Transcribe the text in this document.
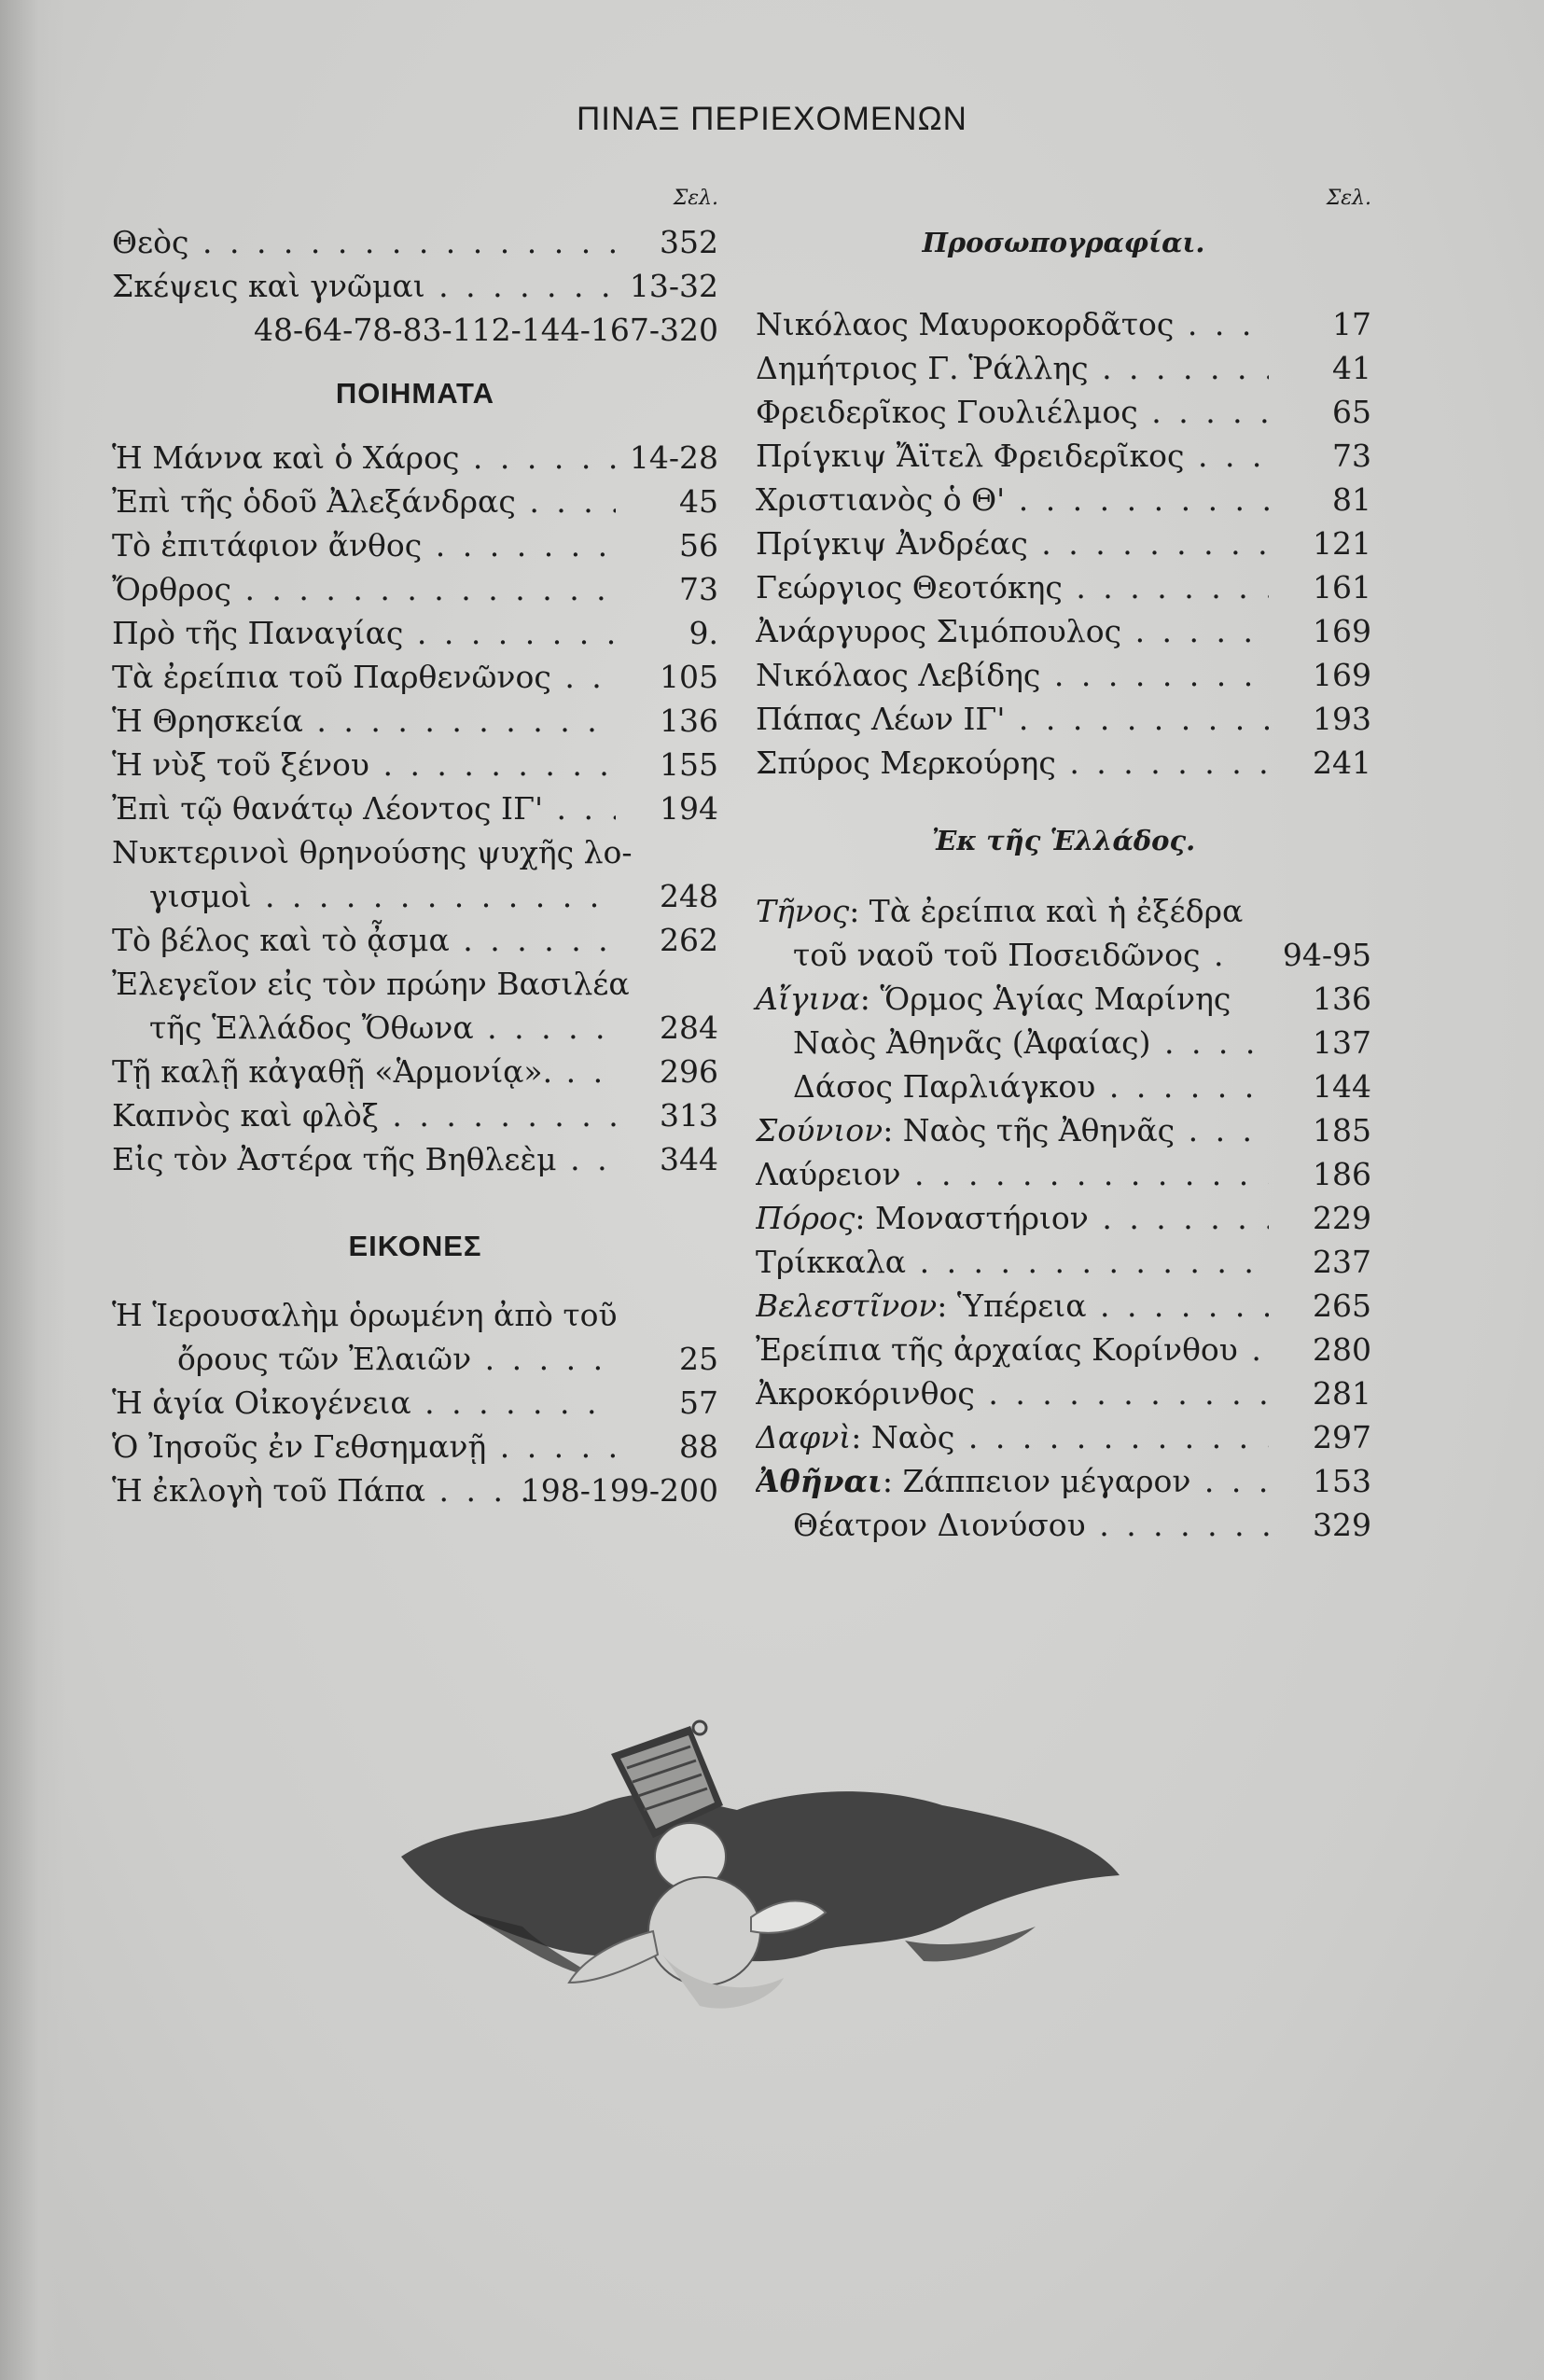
ΠΙΝΑΞ ΠΕΡΙΕΧΟΜΕΝΩΝ
Σελ.
Θεὸς . . .	352
Σκέψεις καὶ γνῶμαι . . .	13-32
48-64-78-83-112-144-167-320
ΠΟΙΗΜΑΤΑ
Ἡ Μάννα καὶ ὁ Χάρος . . .	14-28
Ἐπὶ τῆς ὁδοῦ Ἀλεξάνδρας . . .	45
Τὸ ἐπιτάφιον ἄνθος . . .	56
Ὄρθρος . . .	73
Πρὸ τῆς Παναγίας . . .	9.
Τὰ ἐρείπια τοῦ Παρθενῶνος . . .	105
Ἡ Θρησκεία . . .	136
Ἡ νὺξ τοῦ ξένου . . .	155
Ἐπὶ τῷ θανάτῳ Λέοντος ΙΓ' . . .	194
Νυκτερινοὶ θρηνούσης ψυχῆς λο-
γισμοὶ . . .	248
Τὸ βέλος καὶ τὸ ᾆσμα . . .	262
Ἐλεγεῖον εἰς τὸν πρώην Βασιλέα
τῆς Ἑλλάδος Ὄθωνα . . .	284
Τῇ καλῇ κἀγαθῇ «Ἁρμονίᾳ». . . .	296
Καπνὸς καὶ φλὸξ . . .	313
Εἰς τὸν Ἀστέρα τῆς Βηθλεὲμ . . .	344
ΕΙΚΟΝΕΣ
Ἡ Ἱερουσαλὴμ ὁρωμένη ἀπὸ τοῦ
ὄρους τῶν Ἐλαιῶν . . .	25
Ἡ ἁγία Οἰκογένεια . . .	57
Ὁ Ἰησοῦς ἐν Γεθσημανῇ . . .	88
Ἡ ἐκλογὴ τοῦ Πάπα . . .	198-199-200
Σελ.
Προσωπογραφίαι.
Νικόλαος Μαυροκορδᾶτος . . .	17
Δημήτριος Γ. Ῥάλλης . . .	41
Φρειδερῖκος Γουλιέλμος . . .	65
Πρίγκιψ Ἄϊτελ Φρειδερῖκος . . .	73
Χριστιανὸς ὁ Θ' . . .	81
Πρίγκιψ Ἀνδρέας . . .	121
Γεώργιος Θεοτόκης . . .	161
Ἀνάργυρος Σιμόπουλος . . .	169
Νικόλαος Λεβίδης . . .	169
Πάπας Λέων ΙΓ' . . .	193
Σπύρος Μερκούρης . . .	241
Ἐκ τῆς Ἑλλάδος.
Τῆνος: Τὰ ἐρείπια καὶ ἡ ἐξέδρα
τοῦ ναοῦ τοῦ Ποσειδῶνος . . .	94-95
Αἴγινα: Ὅρμος Ἁγίας Μαρίνης	136
Ναὸς Ἀθηνᾶς (Ἀφαίας) . . .	137
Δάσος Παρλιάγκου . . .	144
Σούνιον: Ναὸς τῆς Ἀθηνᾶς . . .	185
Λαύρειον . . .	186
Πόρος: Μοναστήριον . . .	229
Τρίκκαλα . . .	237
Βελεστῖνον: Ὑπέρεια . . .	265
Ἐρείπια τῆς ἀρχαίας Κορίνθου . . .	280
Ἀκροκόρινθος . . .	281
Δαφνὶ: Ναὸς . . .	297
Ἀθῆναι: Ζάππειον μέγαρον . . .	153
Θέατρον Διονύσου . . .	329
